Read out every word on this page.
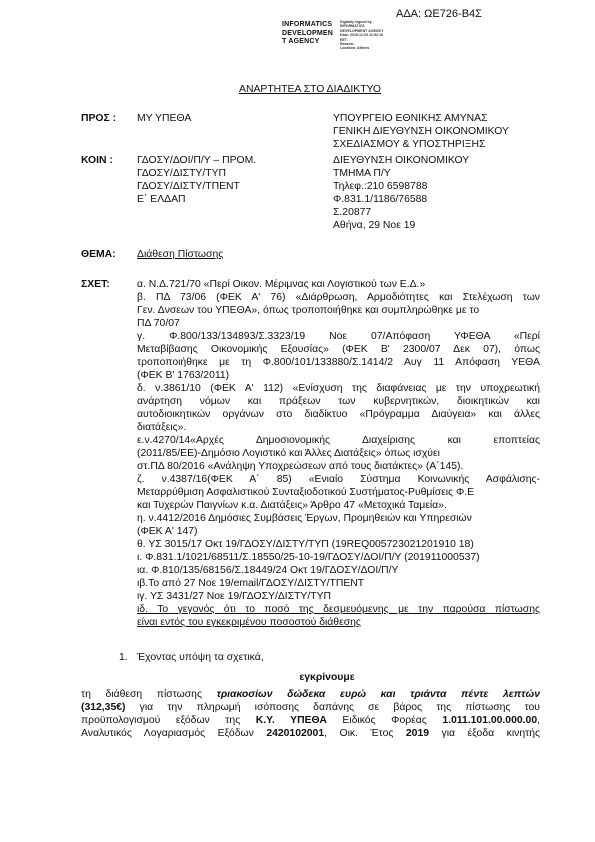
ΑΔΑ: ΩΕ726-Β4Σ
INFORMATICS
DEVELOPMEN
T AGENCY
Digitally signed by
INFORMATICS
DEVELOPMENT AGENCY
Date: 2019.12.03 11:52:10
EET
Reason:
Location: Athens
ΑΝΑΡΤΗΤΕΑ ΣΤΟ ΔΙΑΔΙΚΤΥΟ
ΠΡΟΣ : ΜΥ ΥΠΕΘΑ	ΥΠΟΥΡΓΕΙΟ ΕΘΝΙΚΗΣ ΑΜΥΝΑΣ
ΓΕΝΙΚΗ ΔΙΕΥΘΥΝΣΗ ΟΙΚΟΝΟΜΙΚΟΥ
ΣΧΕΔΙΑΣΜΟΥ & ΥΠΟΣΤΗΡΙΞΗΣ
ΚΟΙΝ : ΓΔΟΣΥ/ΔΟΙ/Π/Υ – ΠΡΟΜ.
ΓΔΟΣΥ/ΔΙΣΤΥ/ΤΥΠ
ΓΔΟΣΥ/ΔΙΣΤΥ/ΤΠΕΝΤ
Ε΄ ΕΛΔΑΠ
ΔΙΕΥΘΥΝΣΗ ΟΙΚΟΝΟΜΙΚΟΥ
ΤΜΗΜΑ Π/Υ
Τηλεφ.:210 6598788
Φ.831.1/1186/76588
Σ.20877
Αθήνα, 29 Νοε 19
ΘΕΜΑ: Διάθεση Πίστωσης
ΣΧΕΤ:	α. Ν.Δ.721/70 «Περί Οικον. Μέριμνας και Λογιστικού των Ε.Δ.»
β. ΠΔ 73/06 (ΦΕΚ Α' 76) «Διάρθρωση, Αρμοδιότητες και Στελέχωση των
Γεν. Δνσεων του ΥΠΕΘΑ», όπως τροποποιήθηκε και συμπληρώθηκε με το
ΠΔ 70/07
γ. Φ.800/133/134893/Σ.3323/19 Νοε 07/Απόφαση ΥΦΕΘΑ «Περί
Μεταβίβασης Οικονομικής Εξουσίας» (ΦΕΚ Β' 2300/07 Δεκ 07), όπως
τροποποιήθηκε με τη Φ.800/101/133880/Σ.1414/2 Αυγ 11 Απόφαση ΥΕΘΑ
(ΦΕΚ Β' 1763/2011)
δ. ν.3861/10 (ΦΕΚ Α' 112) «Ενίσχυση της διαφάνειας με την υποχρεωτική
ανάρτηση νόμων και πράξεων των κυβερνητικών, διοικητικών και
αυτοδιοικητικών οργάνων στο διαδίκτυο «Πρόγραμμα Διαύγεια» και άλλες
διατάξεις».
ε.ν.4270/14«Αρχές Δημοσιονομικής Διαχείρισης και εποπτείας
(2011/85/ΕΕ)-Δημόσιο Λογιστικό και Άλλες Διατάξεις» όπως ισχύει
στ.ΠΔ 80/2016 «Ανάληψη Υποχρεώσεων από τους διατάκτες» (Α΄145).
ζ. ν.4387/16(ΦΕΚ Α΄ 85) «Ενιαίο Σύστημα Κοινωνικής Ασφάλισης-
Μεταρρύθμιση Ασφαλιστικού Συνταξιοδοτικού Συστήματος-Ρυθμίσεις Φ.Ε
και Τυχερών Παιγνίων κ.α. Διατάξεις» Άρθρο 47 «Μετοχικά Ταμεία».
η. ν.4412/2016 Δημόσιες Συμβάσεις Έργων, Προμηθειών και Υπηρεσιών
(ΦΕΚ Α' 147)
θ. ΥΣ 3015/17 Οκτ 19/ΓΔΟΣΥ/ΔΙΣΤΥ/ΤΥΠ (19REQ005723021201910 18)
ι. Φ.831.1/1021/68511/Σ.18550/25-10-19/ΓΔΟΣΥ/ΔΟΙ/Π/Υ (201911000537)
ια. Φ.810/135/68156/Σ.18449/24 Οκτ 19/ΓΔΟΣΥ/ΔΟΙ/Π/Υ
ιβ.Το από 27 Νοε 19/email/ΓΔΟΣΥ/ΔΙΣΤΥ/ΤΠΕΝΤ
ιγ. ΥΣ 3431/27 Νοε 19/ΓΔΟΣΥ/ΔΙΣΤΥ/ΤΥΠ
ιδ. Το γεγονός ότι το ποσό της δεσμευόμενης με την παρούσα πίστωσης
είναι εντός του εγκεκριμένου ποσοστού διάθεσης
1. Έχοντας υπόψη τα σχετικά,
εγκρίνουμε
τη διάθεση πίστωσης τριακοσίων δώδεκα ευρώ και τριάντα πέντε λεπτών
(312,35€) για την πληρωμή ισόποσης δαπάνης σε βάρος της πίστωσης του
προϋπολογισμού εξόδων της Κ.Υ. ΥΠΕΘΑ Ειδικός Φορέας 1.011.101.00.000.00,
Αναλυτικός Λογαριασμός Εξόδων 2420102001, Οικ. Έτος 2019 για έξοδα κινητής
